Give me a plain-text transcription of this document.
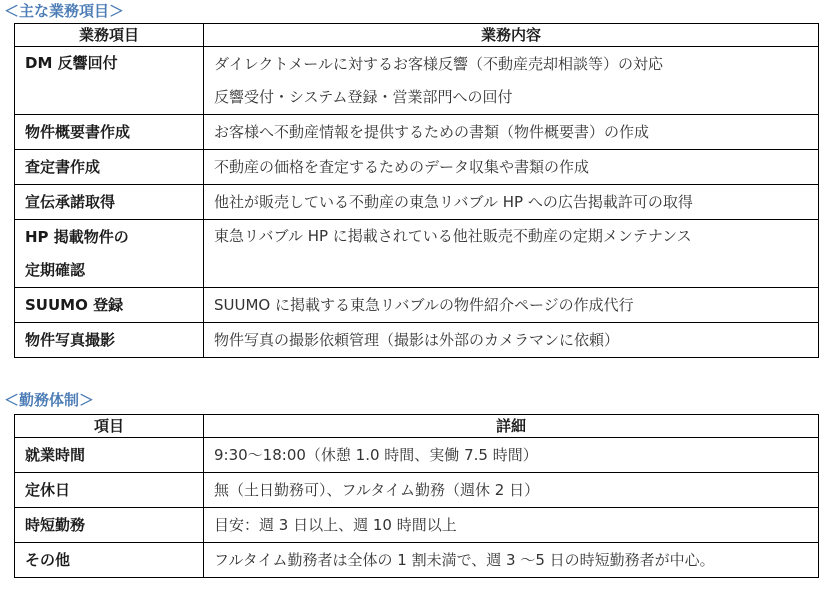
＜主な業務項目＞
業務項目	業務内容

DM 反響回付	ダイレクトメールに対するお客様反響（不動産売却相談等）の対応
反響受付・システム登録・営業部門への回付

物件概要書作成	お客様へ不動産情報を提供するための書類（物件概要書）の作成
査定書作成	不動産の価格を査定するためのデータ収集や書類の作成
宣伝承諾取得	他社が販売している不動産の東急リバブル HP への広告掲載許可の取得

HP 掲載物件の
定期確認	東急リバブル HP に掲載されている他社販売不動産の定期メンテナンス

SUUMO 登録	SUUMO に掲載する東急リバブルの物件紹介ページの作成代行
物件写真撮影	物件写真の撮影依頼管理（撮影は外部のカメラマンに依頼）
＜勤務体制＞
項目	詳細
就業時間	9:30〜18:00（休憩 1.0 時間、実働 7.5 時間）
定休日	無（土日勤務可）、フルタイム勤務（週休 2 日）
時短勤務	目安：週 3 日以上、週 10 時間以上
その他	フルタイム勤務者は全体の 1 割未満で、週 3 〜5 日の時短勤務者が中心。
